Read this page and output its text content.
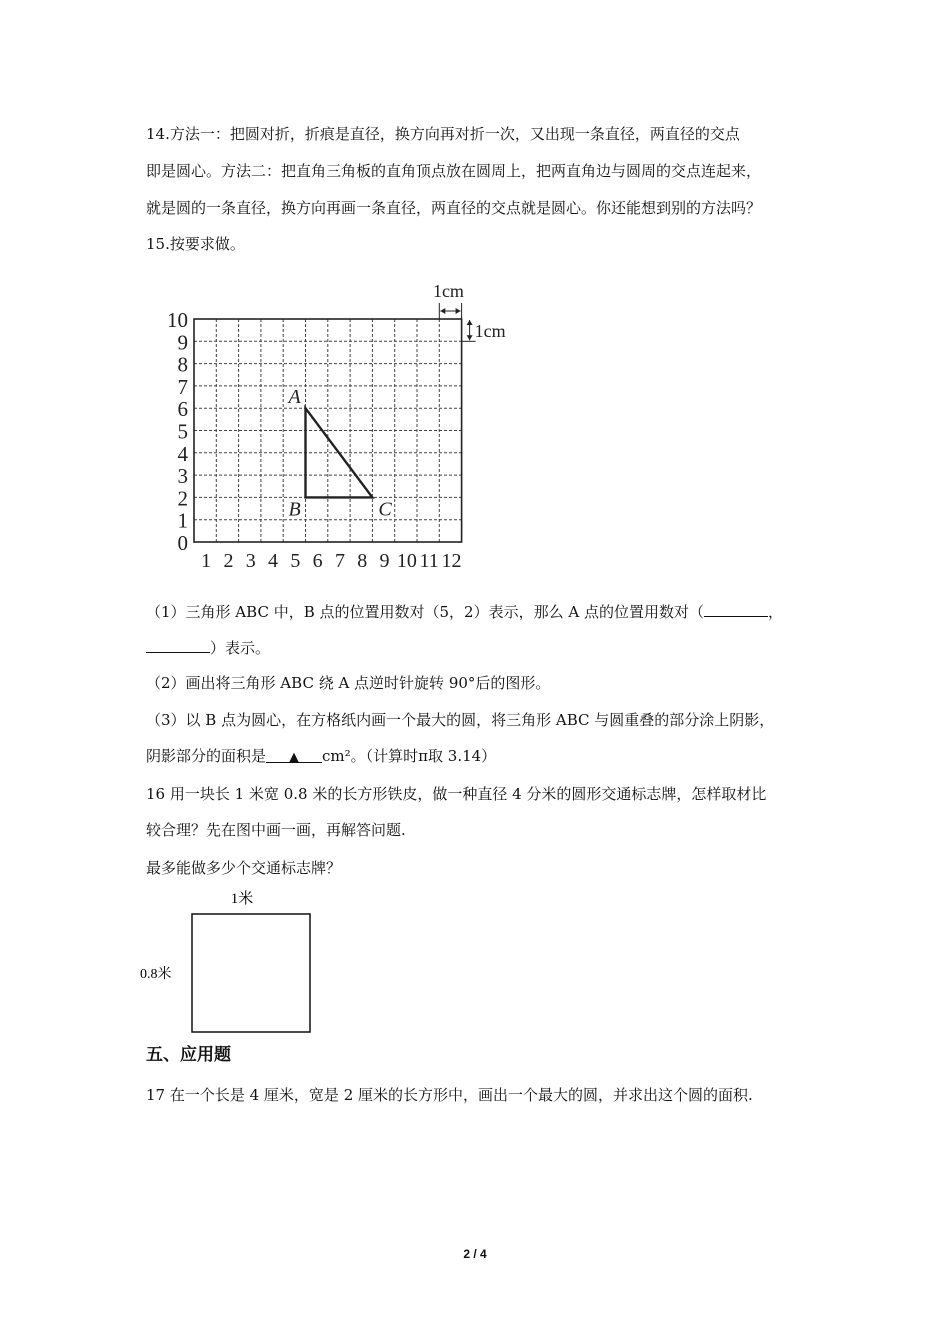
14.方法一：把圆对折，折痕是直径，换方向再对折一次，又出现一条直径，两直径的交点
即是圆心。方法二：把直角三角板的直角顶点放在圆周上，把两直角边与圆周的交点连起来，
就是圆的一条直径，换方向再画一条直径，两直径的交点就是圆心。你还能想到别的方法吗？
15.按要求做。
0
1
2
3
4
5
6
7
8
9
10
1 2 3 4 5 6 7 8 9 10 11 12
1cm
1cm
A
B	C
（1）三角形 ABC 中，B 点的位置用数对（5，2）表示，那么 A 点的位置用数对（	，
）表示。
（2）画出将三角形 ABC 绕 A 点逆时针旋转 90°后的图形。
（3）以 B 点为圆心，在方格纸内画一个最大的圆，将三角形 ABC 与圆重叠的部分涂上阴影，
阴影部分的面积是 ▲ cm²。（计算时π取 3.14）
16 用一块长 1 米宽 0.8 米的长方形铁皮，做一种直径 4 分米的圆形交通标志牌，怎样取材比
较合理？先在图中画一画，再解答问题.
最多能做多少个交通标志牌？
1米
0.8米
五、应用题
17 在一个长是 4 厘米，宽是 2 厘米的长方形中，画出一个最大的圆，并求出这个圆的面积.
2 / 4
